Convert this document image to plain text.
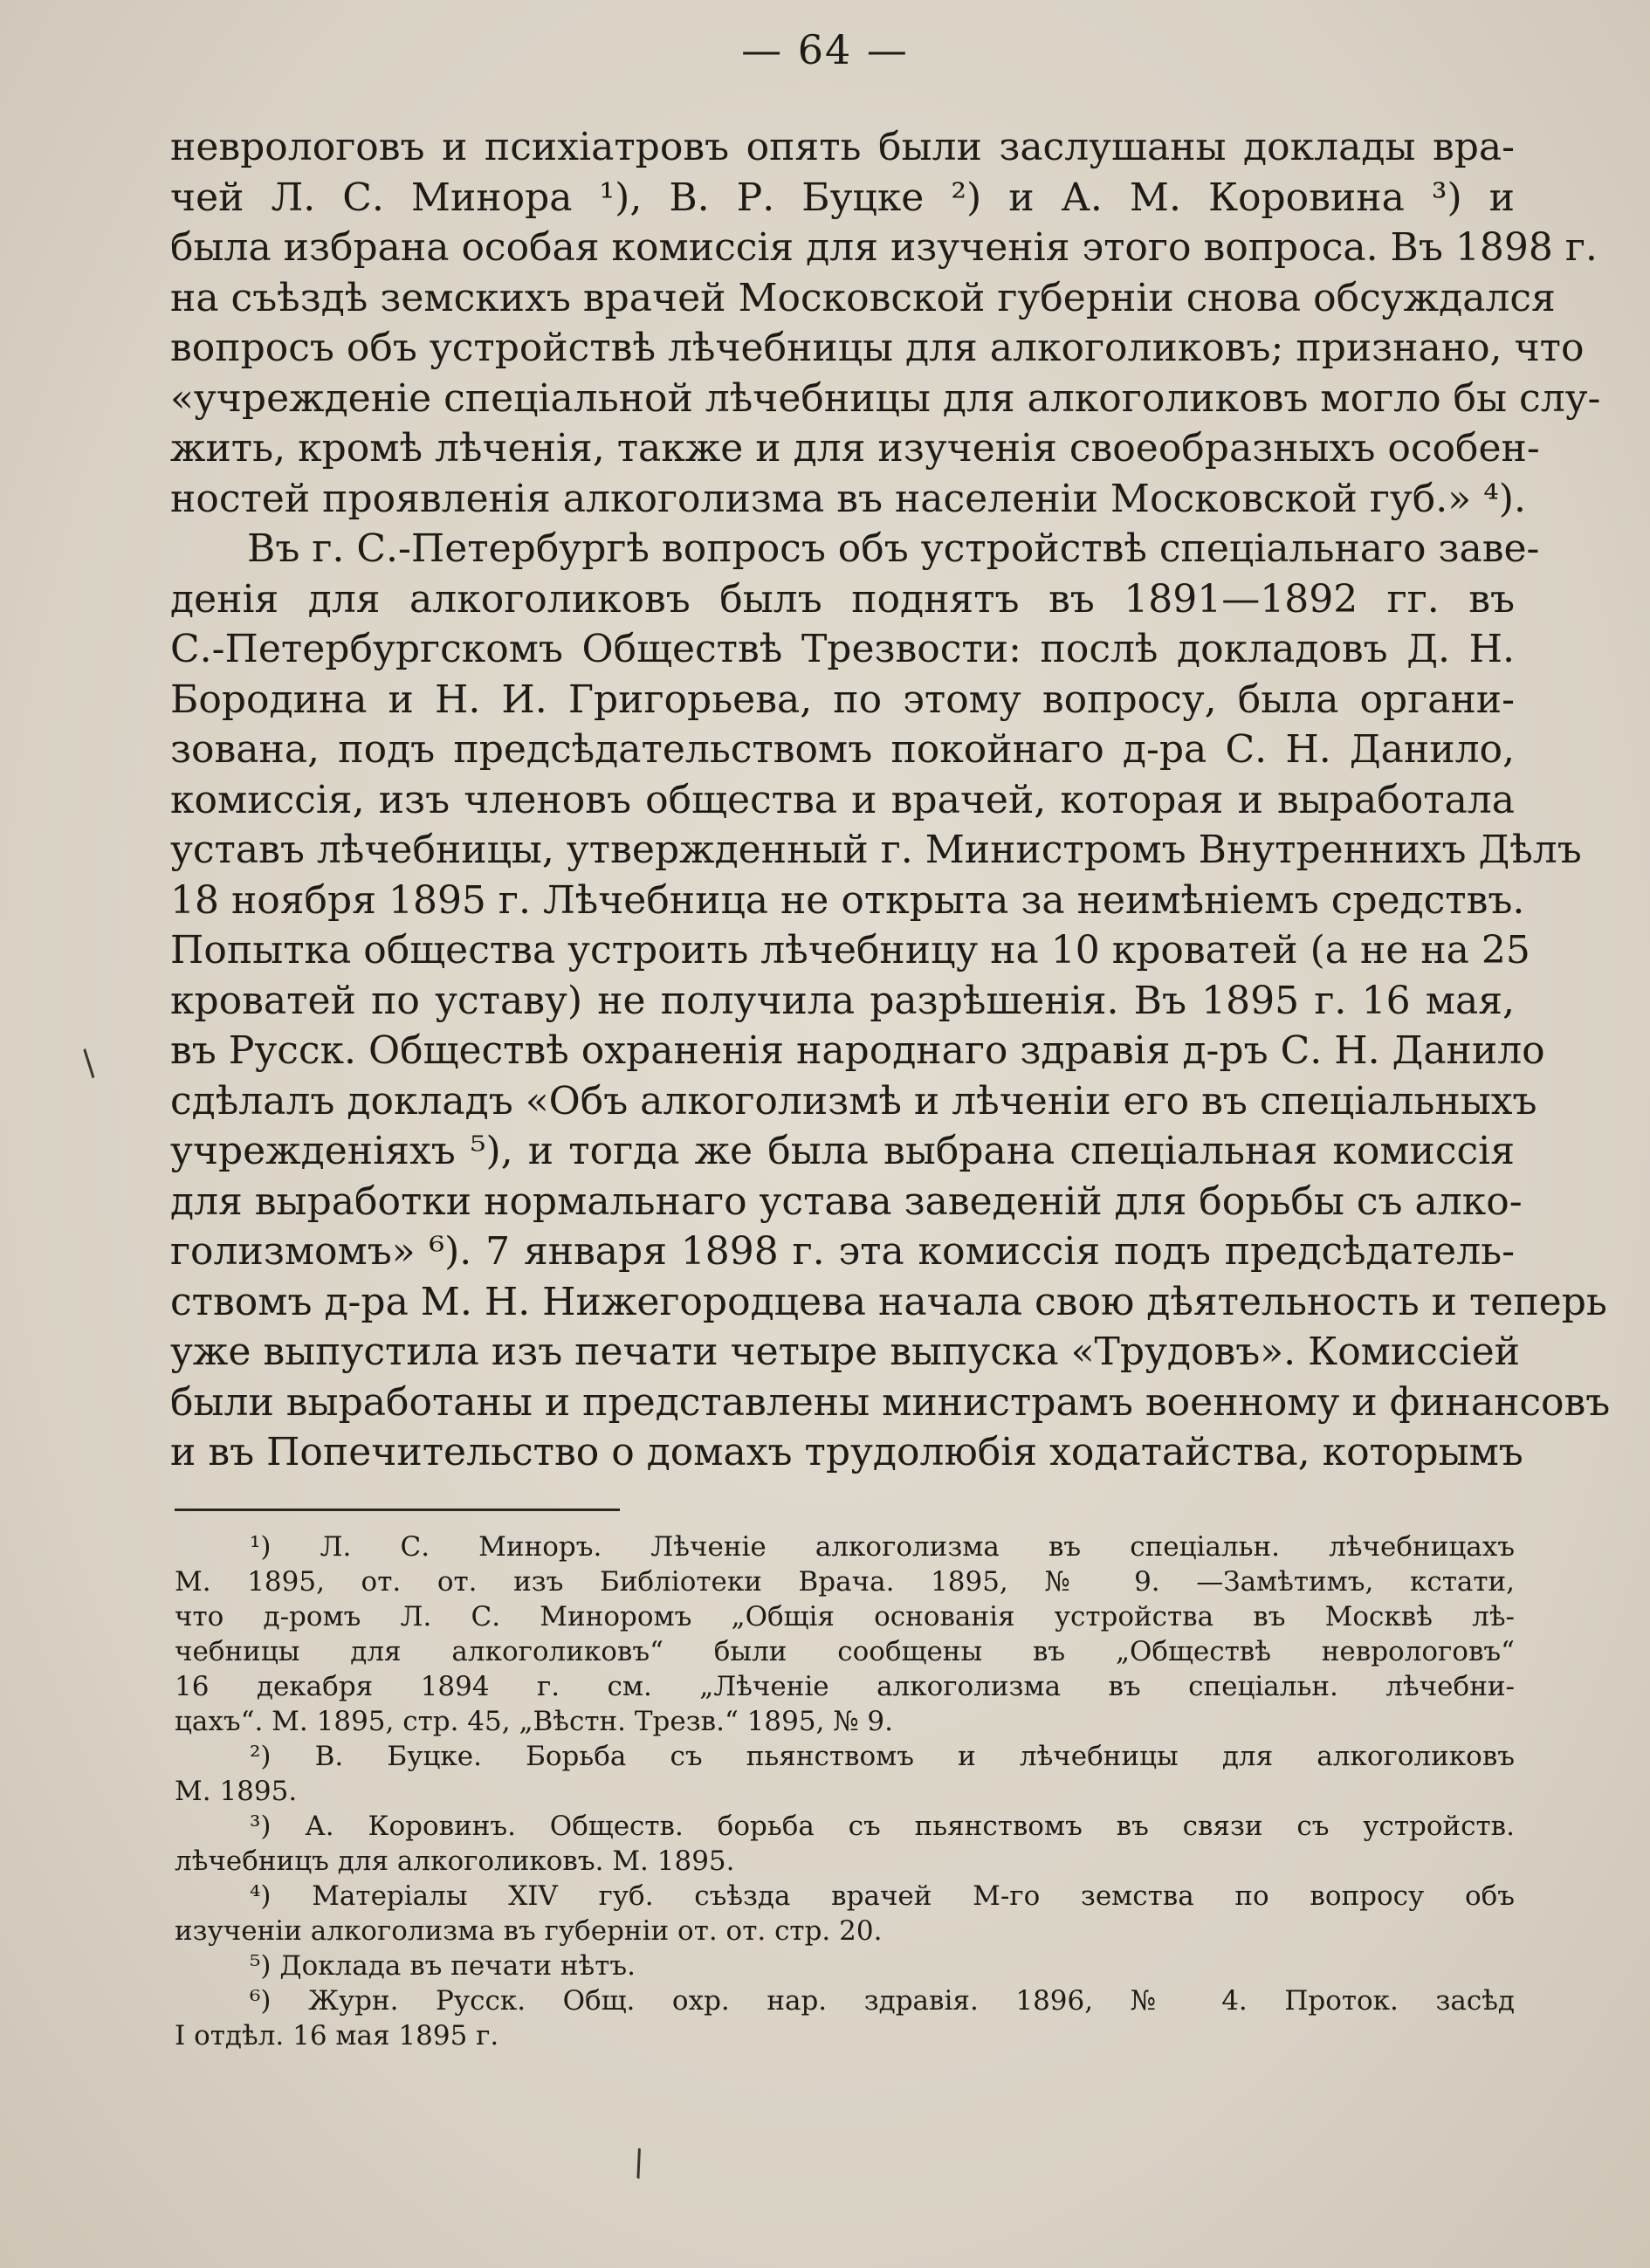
— 64 —
неврологовъ и психіатровъ опять были заслушаны доклады вра-
чей Л. С. Минора ¹), В. Р. Буцке ²) и А. М. Коровина ³) и
была избрана особая комиссія для изученія этого вопроса. Въ 1898 г.
на съѣздѣ земскихъ врачей Московской губерніи снова обсуждался
вопросъ объ устройствѣ лѣчебницы для алкоголиковъ; признано, что
«учрежденіе спеціальной лѣчебницы для алкоголиковъ могло бы слу-
жить, кромѣ лѣченія, также и для изученія своеобразныхъ особен-
ностей проявленія алкоголизма въ населеніи Московской губ.» ⁴).
Въ г. С.-Петербургѣ вопросъ объ устройствѣ спеціальнаго заве-
денія для алкоголиковъ былъ поднятъ въ 1891—1892 гг. въ
С.-Петербургскомъ Обществѣ Трезвости: послѣ докладовъ Д. Н.
Бородина и Н. И. Григорьева, по этому вопросу, была органи-
зована, подъ предсѣдательствомъ покойнаго д-ра С. Н. Данило,
комиссія, изъ членовъ общества и врачей, которая и выработала
уставъ лѣчебницы, утвержденный г. Министромъ Внутреннихъ Дѣлъ
18 ноября 1895 г. Лѣчебница не открыта за неимѣніемъ средствъ.
Попытка общества устроить лѣчебницу на 10 кроватей (а не на 25
кроватей по уставу) не получила разрѣшенія. Въ 1895 г. 16 мая,
въ Русск. Обществѣ охраненія народнаго здравія д-ръ С. Н. Данило
сдѣлалъ докладъ «Объ алкоголизмѣ и лѣченіи его въ спеціальныхъ
учрежденіяхъ ⁵), и тогда же была выбрана спеціальная комиссія
для выработки нормальнаго устава заведеній для борьбы съ алко-
голизмомъ» ⁶). 7 января 1898 г. эта комиссія подъ предсѣдатель-
ствомъ д-ра М. Н. Нижегородцева начала свою дѣятельность и теперь
уже выпустила изъ печати четыре выпуска «Трудовъ». Комиссіей
были выработаны и представлены министрамъ военному и финансовъ
и въ Попечительство о домахъ трудолюбія ходатайства, которымъ
¹) Л. С. Миноръ. Лѣченіе алкоголизма въ спеціальн. лѣчебницахъ
М. 1895, от. от. изъ Библіотеки Врача. 1895, № 9. —Замѣтимъ, кстати,
что д-ромъ Л. С. Миноромъ „Общія основанія устройства въ Москвѣ лѣ-
чебницы для алкоголиковъ“ были сообщены въ „Обществѣ неврологовъ“
16 декабря 1894 г. см. „Лѣченіе алкоголизма въ спеціальн. лѣчебни-
цахъ“. М. 1895, стр. 45, „Вѣстн. Трезв.“ 1895, № 9.
²) В. Буцке. Борьба съ пьянствомъ и лѣчебницы для алкоголиковъ
М. 1895.
³) А. Коровинъ. Обществ. борьба съ пьянствомъ въ связи съ устройств.
лѣчебницъ для алкоголиковъ. М. 1895.
⁴) Матеріалы XIV губ. съѣзда врачей М-го земства по вопросу объ
изученіи алкоголизма въ губерніи от. от. стр. 20.
⁵) Доклада въ печати нѣтъ.
⁶) Журн. Русск. Общ. охр. нар. здравія. 1896, № 4. Проток. засѣд
I отдѣл. 16 мая 1895 г.
/
\
